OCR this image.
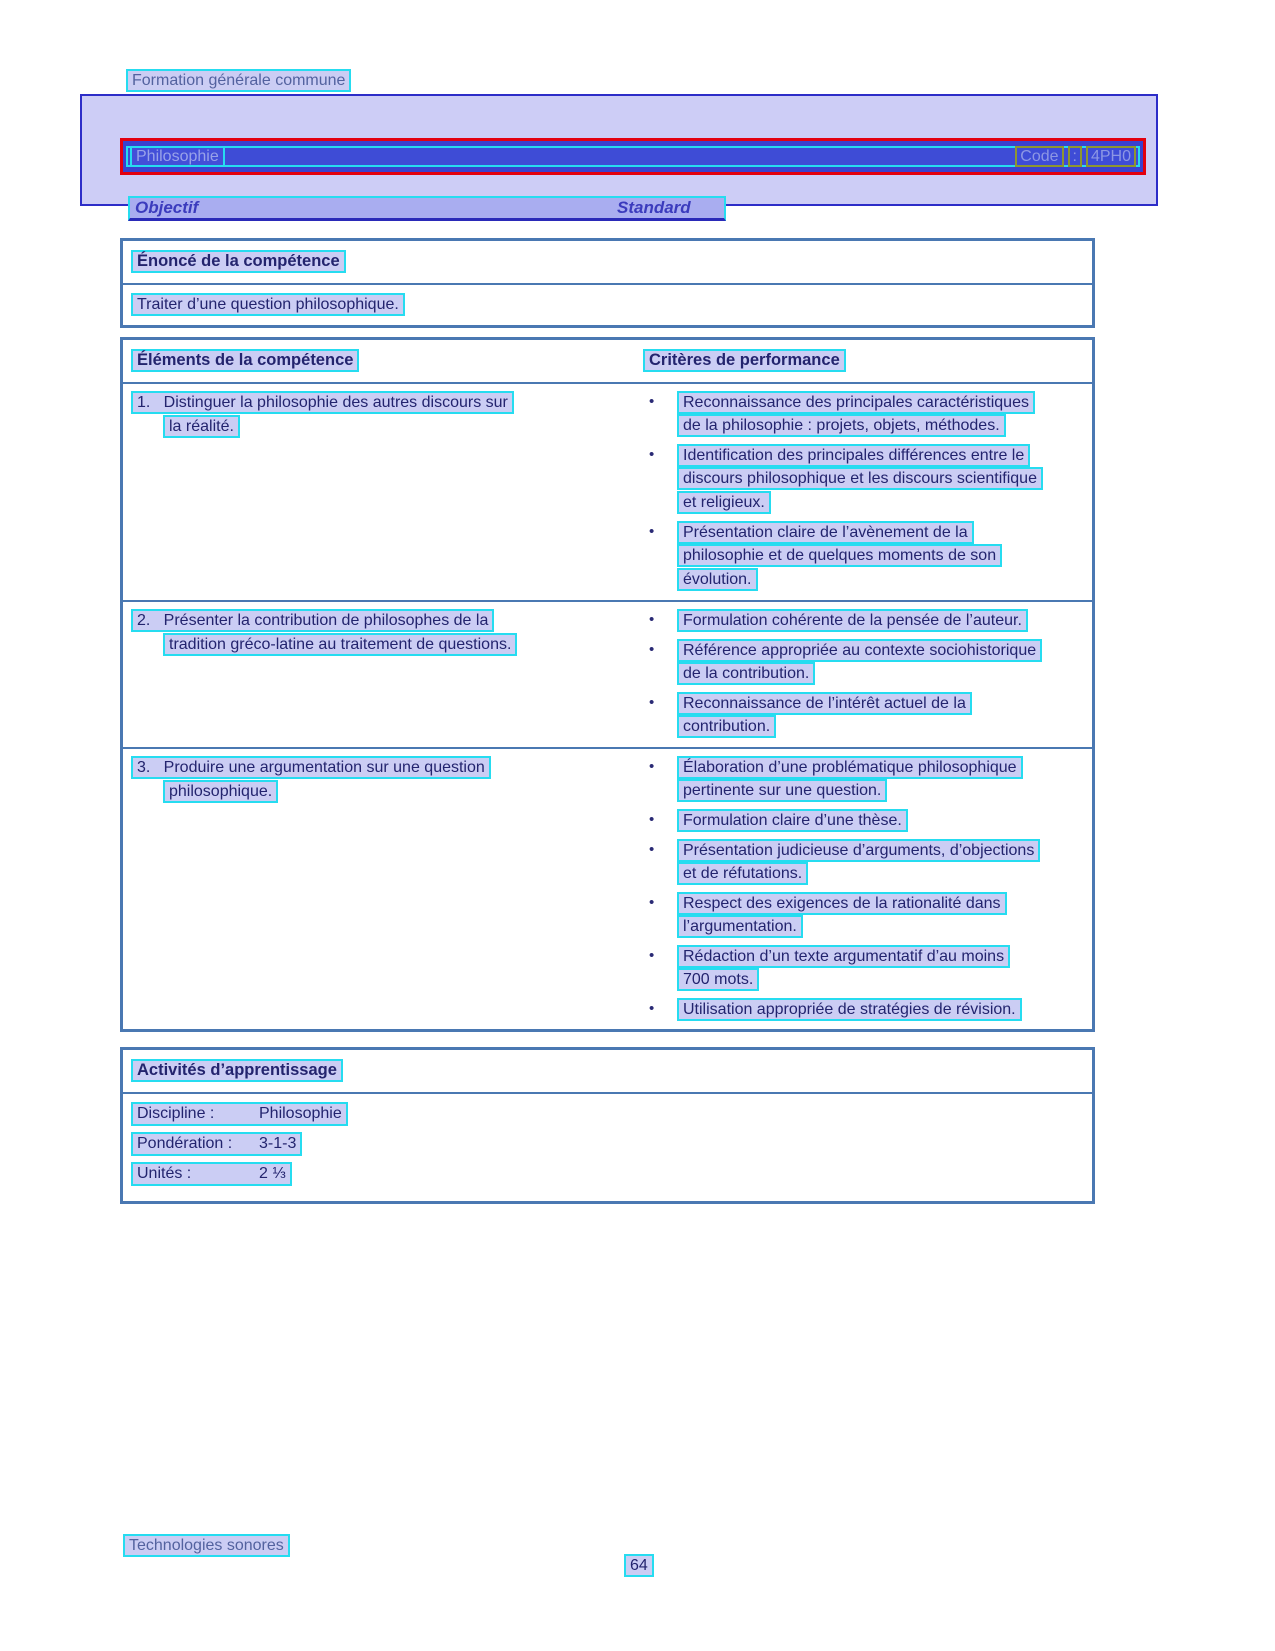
Formation générale commune
Philosophie	Code : 4PH0
Objectif	Standard
Énoncé de la compétence
Traiter d’une question philosophique.
Éléments de la compétence	Critères de performance
1.   Distinguer la philosophie des autres discours sur
la réalité.
•	Reconnaissance des principales caractéristiques
de la philosophie : projets, objets, méthodes.
•	Identification des principales différences entre le
discours philosophique et les discours scientifique
et religieux.
•	Présentation claire de l’avènement de la
philosophie et de quelques moments de son
évolution.
2.   Présenter la contribution de philosophes de la
tradition gréco-latine au traitement de questions.
•	Formulation cohérente de la pensée de l’auteur.
•	Référence appropriée au contexte sociohistorique
de la contribution.
•	Reconnaissance de l’intérêt actuel de la
contribution.
3.   Produire une argumentation sur une question
philosophique.
•	Élaboration d’une problématique philosophique
pertinente sur une question.
•	Formulation claire d’une thèse.
•	Présentation judicieuse d’arguments, d’objections
et de réfutations.
•	Respect des exigences de la rationalité dans
l’argumentation.
•	Rédaction d’un texte argumentatif d’au moins
700 mots.
•	Utilisation appropriée de stratégies de révision.
Activités d’apprentissage
Discipline :	Philosophie
Pondération :	3-1-3
Unités :	2 ⅓
Technologies sonores
64
